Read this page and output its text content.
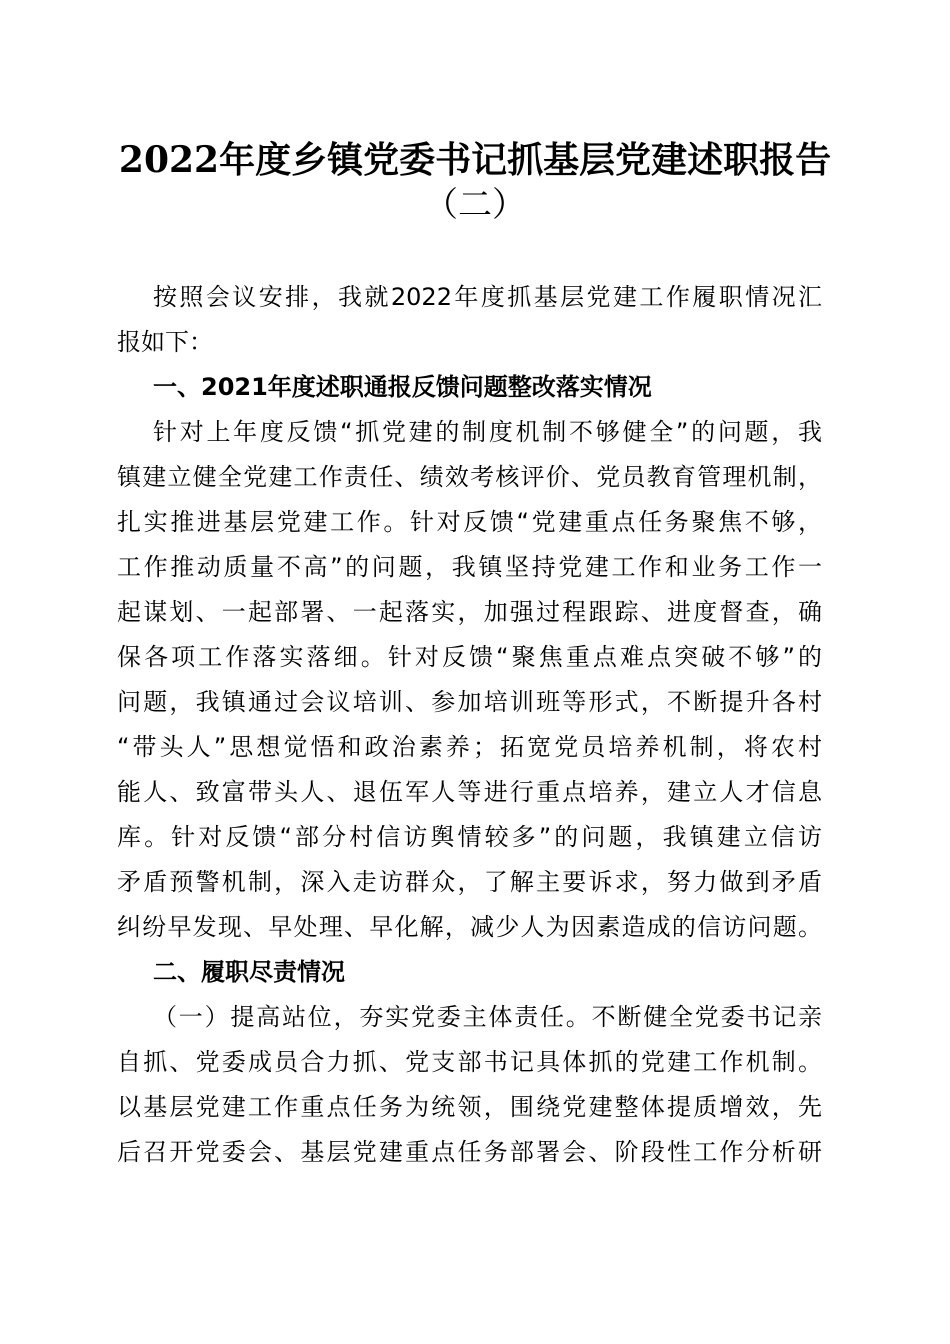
2022年度乡镇党委书记抓基层党建述职报告
（二）
按照会议安排，我就2022年度抓基层党建工作履职情况汇
报如下：
一、2021年度述职通报反馈问题整改落实情况
针对上年度反馈“抓党建的制度机制不够健全”的问题，我
镇建立健全党建工作责任、绩效考核评价、党员教育管理机制，
扎实推进基层党建工作。针对反馈“党建重点任务聚焦不够，
工作推动质量不高”的问题，我镇坚持党建工作和业务工作一
起谋划、一起部署、一起落实，加强过程跟踪、进度督查，确
保各项工作落实落细。针对反馈“聚焦重点难点突破不够”的
问题，我镇通过会议培训、参加培训班等形式，不断提升各村
“带头人”思想觉悟和政治素养；拓宽党员培养机制，将农村
能人、致富带头人、退伍军人等进行重点培养，建立人才信息
库。针对反馈“部分村信访舆情较多”的问题，我镇建立信访
矛盾预警机制，深入走访群众，了解主要诉求，努力做到矛盾
纠纷早发现、早处理、早化解，减少人为因素造成的信访问题。
二、履职尽责情况
（一）提高站位，夯实党委主体责任。不断健全党委书记亲
自抓、党委成员合力抓、党支部书记具体抓的党建工作机制。
以基层党建工作重点任务为统领，围绕党建整体提质增效，先
后召开党委会、基层党建重点任务部署会、阶段性工作分析研
